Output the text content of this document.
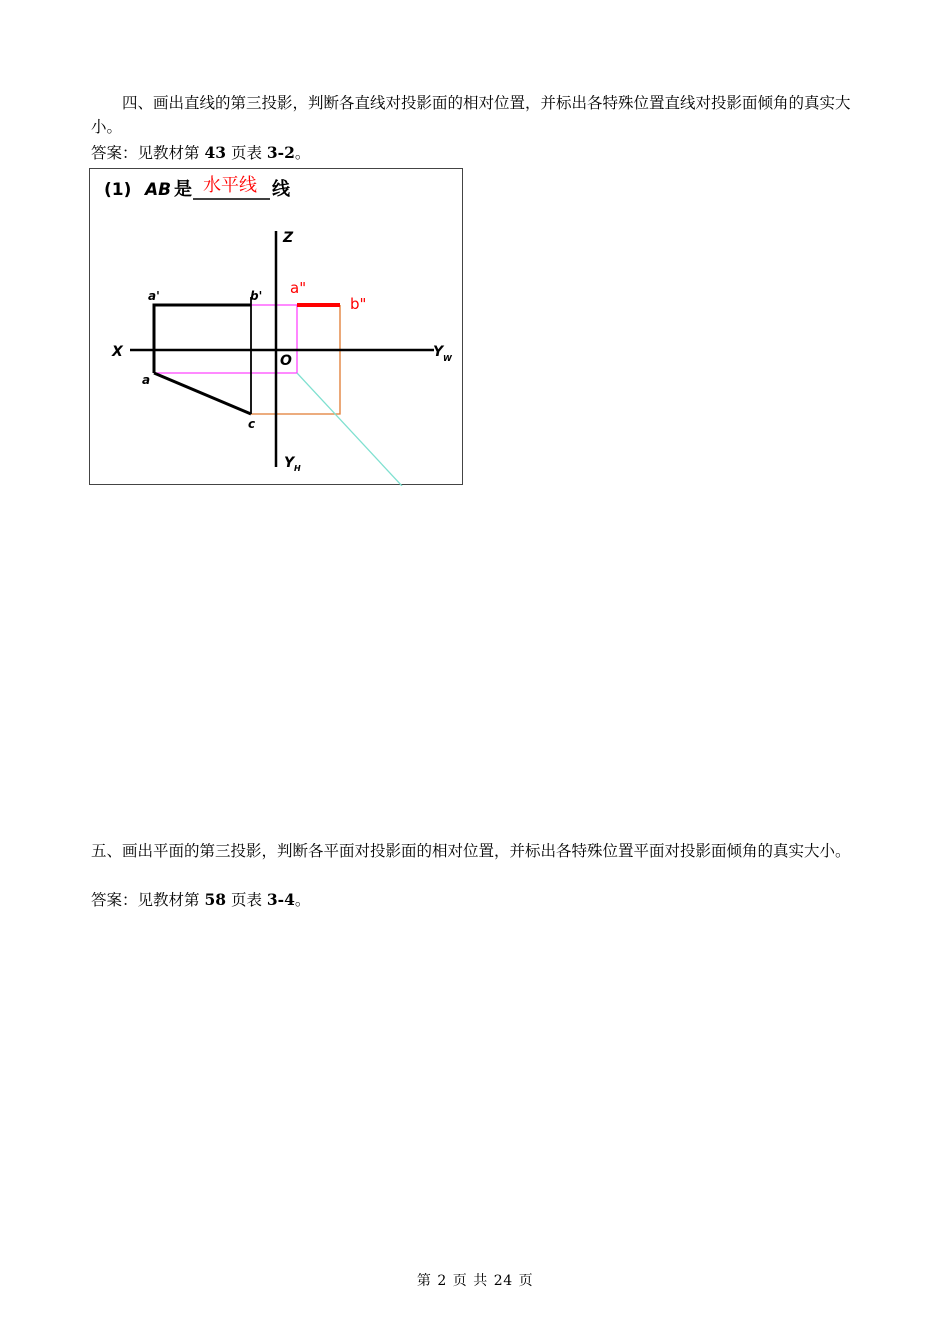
四、画出直线的第三投影，判断各直线对投影面的相对位置，并标出各特殊位置直线对投影面倾角的真实大小。
答案：见教材第 43 页表 3-2。
(1) AB 是 水平线 线
Z
X	Y W
Y H
O
a'	b'
a
c
a"
b"
五、画出平面的第三投影，判断各平面对投影面的相对位置，并标出各特殊位置平面对投影面倾角的真实大小。
答案：见教材第 58 页表 3-4。
第 2 页 共 24 页
